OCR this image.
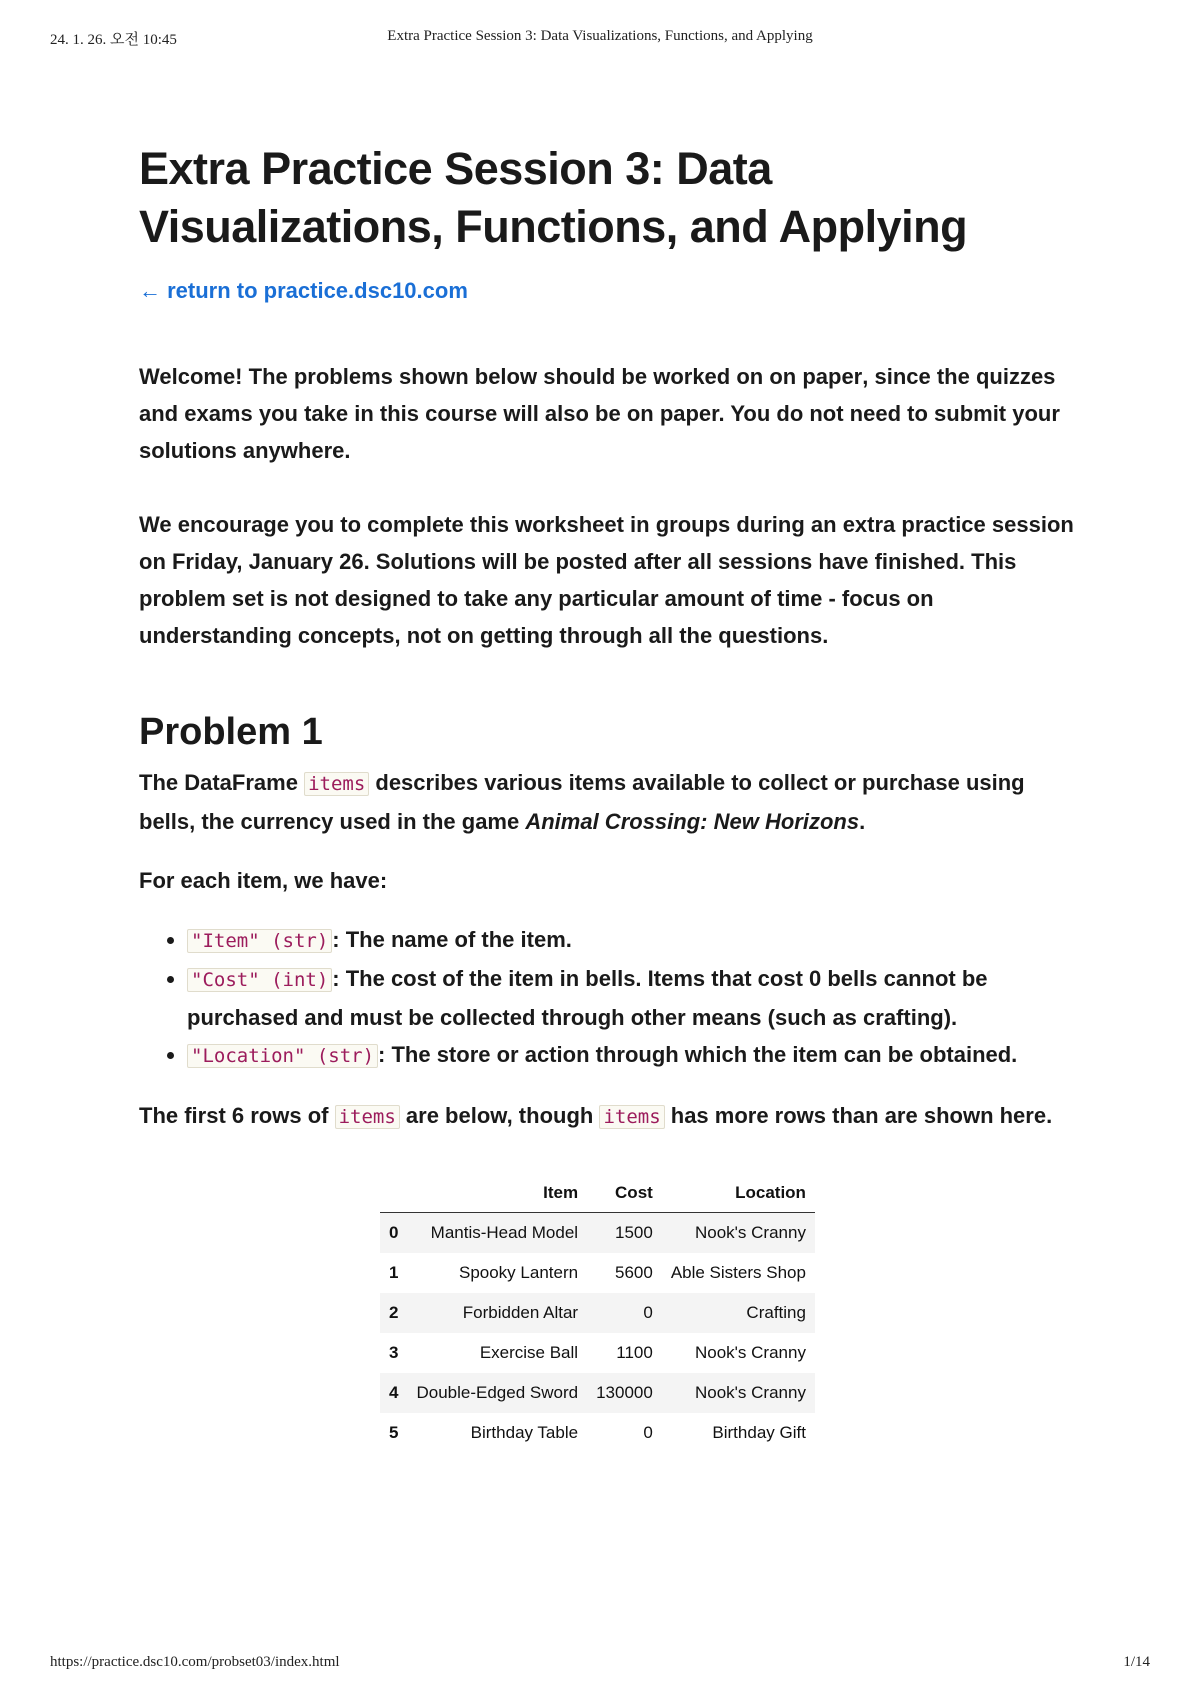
24. 1. 26. 오전 10:45	Extra Practice Session 3: Data Visualizations, Functions, and Applying
Extra Practice Session 3: Data
Visualizations, Functions, and Applying
← return to practice.dsc10.com

Welcome! The problems shown below should be worked on on paper, since the quizzes and exams you take in this course will also be on paper. You do not need to submit your solutions anywhere.

We encourage you to complete this worksheet in groups during an extra practice session on Friday, January 26. Solutions will be posted after all sessions have finished. This problem set is not designed to take any particular amount of time - focus on understanding concepts, not on getting through all the questions.

Problem 1

The DataFrame items describes various items available to collect or purchase using bells, the currency used in the game Animal Crossing: New Horizons.

For each item, we have:

• "Item" (str) : The name of the item.
• "Cost" (int) : The cost of the item in bells. Items that cost 0 bells cannot be purchased and must be collected through other means (such as crafting).
• "Location" (str) : The store or action through which the item can be obtained.

The first 6 rows of items are below, though items has more rows than are shown here.

	Item	Cost	Location
0	Mantis-Head Model	1500	Nook's Cranny
1	Spooky Lantern	5600	Able Sisters Shop
2	Forbidden Altar	0	Crafting
3	Exercise Ball	1100	Nook's Cranny
4	Double-Edged Sword	130000	Nook's Cranny
5	Birthday Table	0	Birthday Gift
https://practice.dsc10.com/probset03/index.html	1/14
